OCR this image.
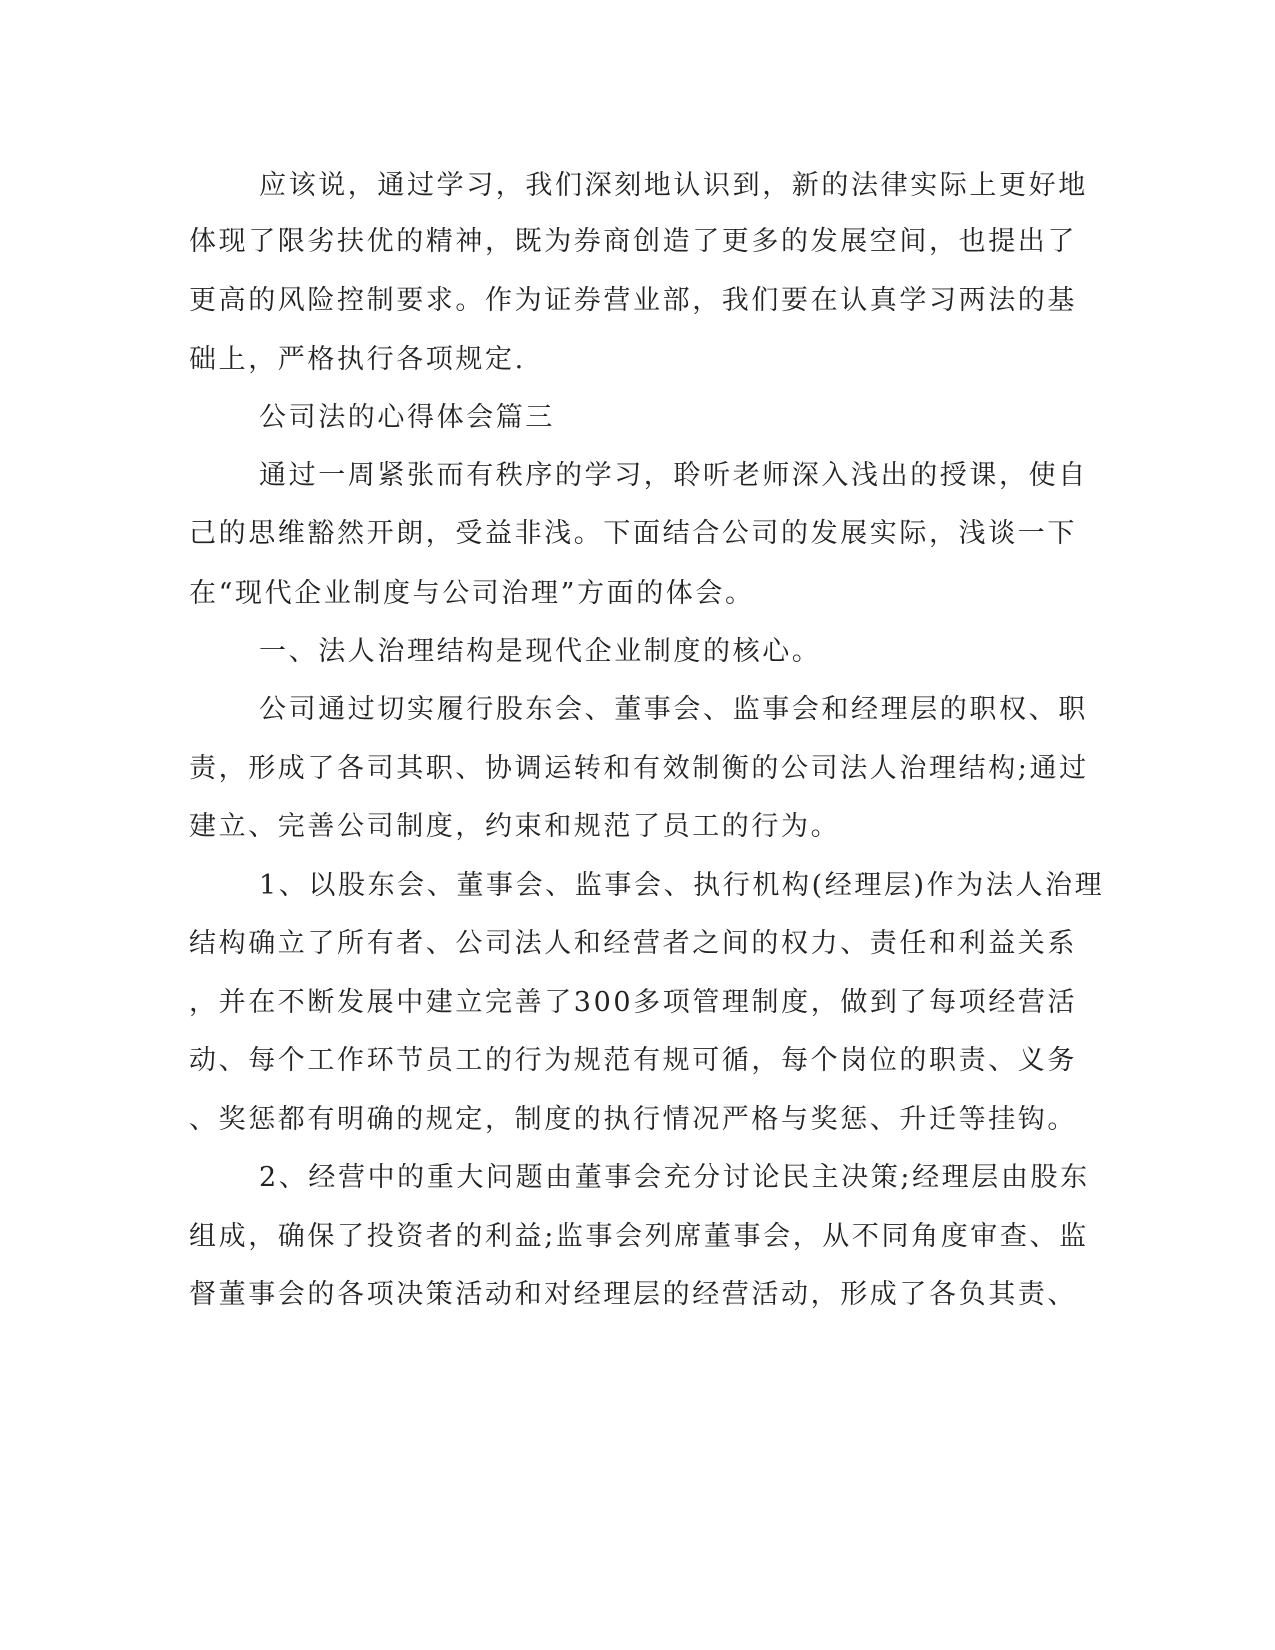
应该说，通过学习，我们深刻地认识到，新的法律实际上更好地

体现了限劣扶优的精神，既为券商创造了更多的发展空间，也提出了

更高的风险控制要求。作为证券营业部，我们要在认真学习两法的基

础上，严格执行各项规定.

公司法的心得体会篇三

通过一周紧张而有秩序的学习，聆听老师深入浅出的授课，使自

己的思维豁然开朗，受益非浅。下面结合公司的发展实际，浅谈一下

在“现代企业制度与公司治理”方面的体会。

一、法人治理结构是现代企业制度的核心。

公司通过切实履行股东会、董事会、监事会和经理层的职权、职

责，形成了各司其职、协调运转和有效制衡的公司法人治理结构;通过

建立、完善公司制度，约束和规范了员工的行为。

1、以股东会、董事会、监事会、执行机构(经理层)作为法人治理

结构确立了所有者、公司法人和经营者之间的权力、责任和利益关系

，并在不断发展中建立完善了300多项管理制度，做到了每项经营活

动、每个工作环节员工的行为规范有规可循，每个岗位的职责、义务

、奖惩都有明确的规定，制度的执行情况严格与奖惩、升迁等挂钩。

2、经营中的重大问题由董事会充分讨论民主决策;经理层由股东

组成，确保了投资者的利益;监事会列席董事会，从不同角度审查、监

督董事会的各项决策活动和对经理层的经营活动，形成了各负其责、
